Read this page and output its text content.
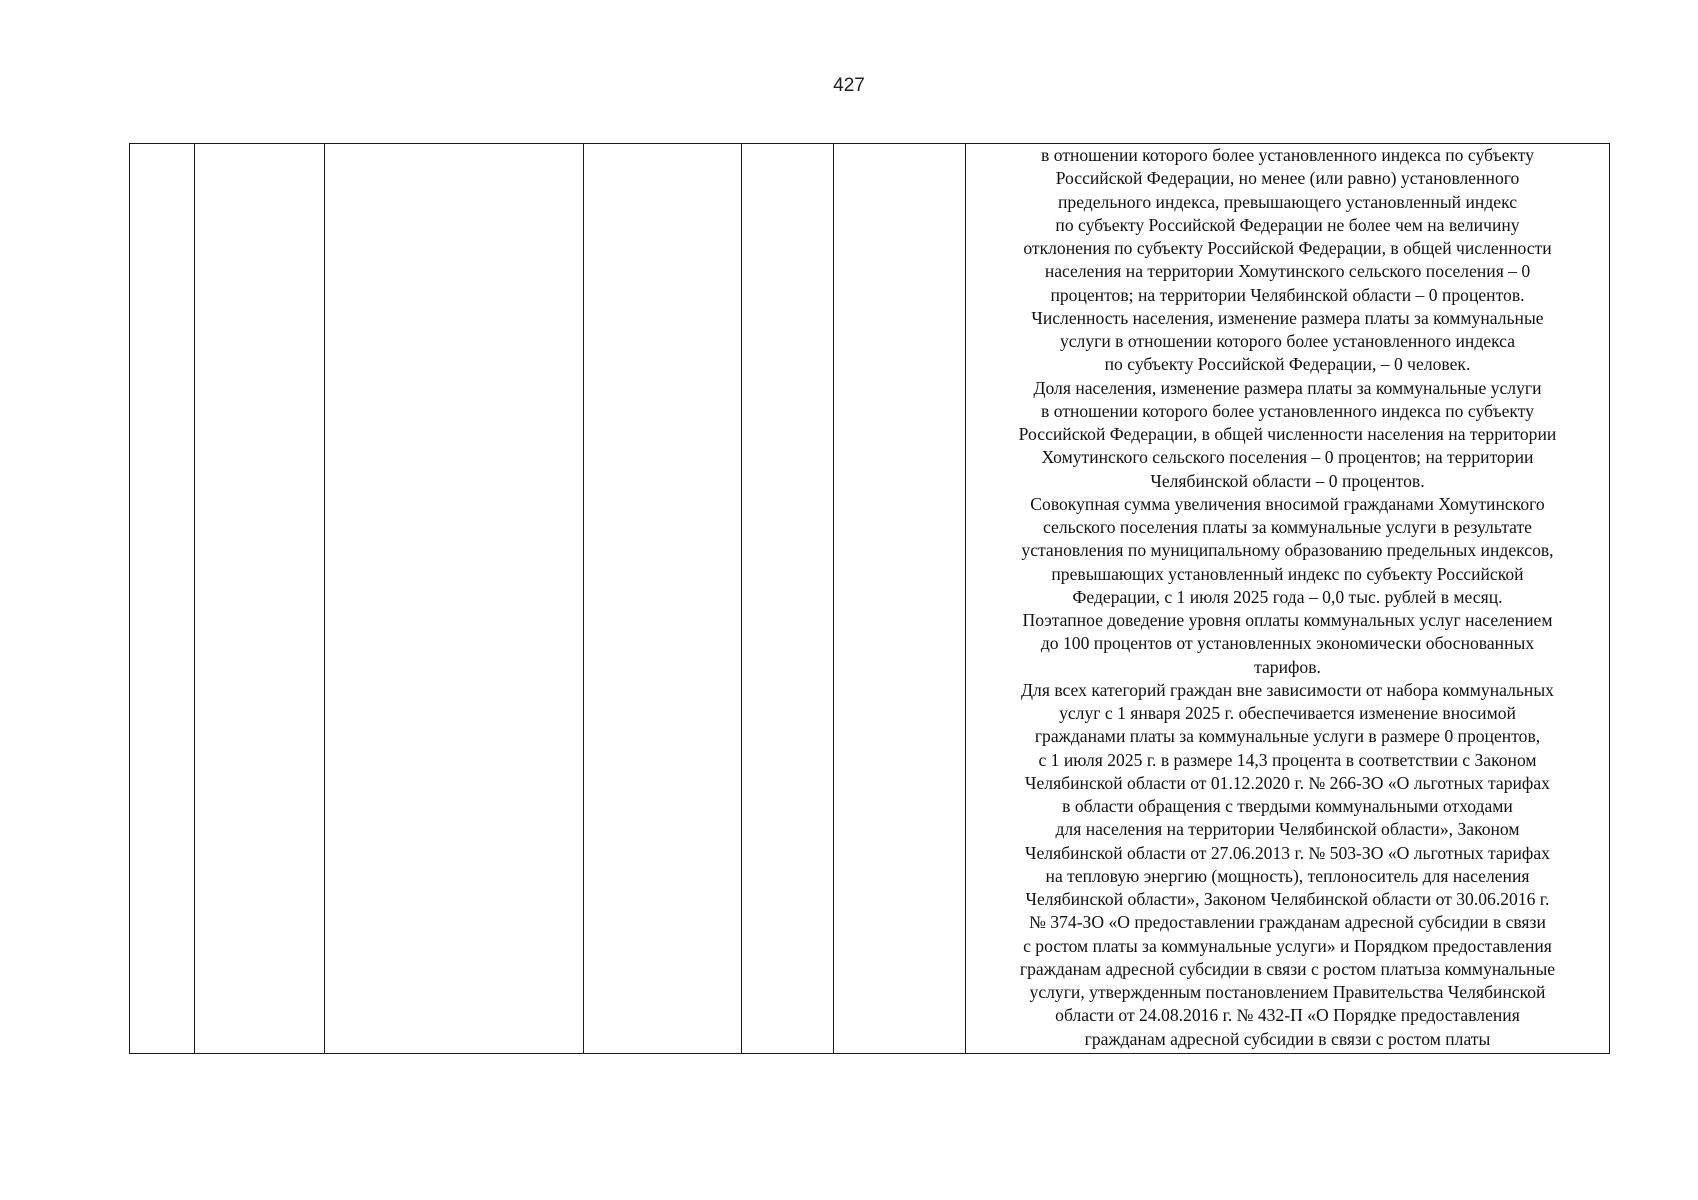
427

в отношении которого более установленного индекса по субъекту
Российской Федерации, но менее (или равно) установленного
предельного индекса, превышающего установленный индекс
по субъекту Российской Федерации не более чем на величину
отклонения по субъекту Российской Федерации, в общей численности
населения на территории Хомутинского сельского поселения – 0
процентов; на территории Челябинской области – 0 процентов.
Численность населения, изменение размера платы за коммунальные
услуги в отношении которого более установленного индекса
по субъекту Российской Федерации, – 0 человек.
Доля населения, изменение размера платы за коммунальные услуги
в отношении которого более установленного индекса по субъекту
Российской Федерации, в общей численности населения на территории
Хомутинского сельского поселения – 0 процентов; на территории
Челябинской области – 0 процентов.
Совокупная сумма увеличения вносимой гражданами Хомутинского
сельского поселения платы за коммунальные услуги в результате
установления по муниципальному образованию предельных индексов,
превышающих установленный индекс по субъекту Российской
Федерации, с 1 июля 2025 года – 0,0 тыс. рублей в месяц.
Поэтапное доведение уровня оплаты коммунальных услуг населением
до 100 процентов от установленных экономически обоснованных
тарифов.
Для всех категорий граждан вне зависимости от набора коммунальных
услуг с 1 января 2025 г. обеспечивается изменение вносимой
гражданами платы за коммунальные услуги в размере 0 процентов,
с 1 июля 2025 г. в размере 14,3 процента в соответствии с Законом
Челябинской области от 01.12.2020 г. № 266-ЗО «О льготных тарифах
в области обращения с твердыми коммунальными отходами
для населения на территории Челябинской области», Законом
Челябинской области от 27.06.2013 г. № 503-ЗО «О льготных тарифах
на тепловую энергию (мощность), теплоноситель для населения
Челябинской области», Законом Челябинской области от 30.06.2016 г.
№ 374-ЗО «О предоставлении гражданам адресной субсидии в связи
с ростом платы за коммунальные услуги» и Порядком предоставления
гражданам адресной субсидии в связи с ростом платыза коммунальные
услуги, утвержденным постановлением Правительства Челябинской
области от 24.08.2016 г. № 432-П «О Порядке предоставления
гражданам адресной субсидии в связи с ростом платы
